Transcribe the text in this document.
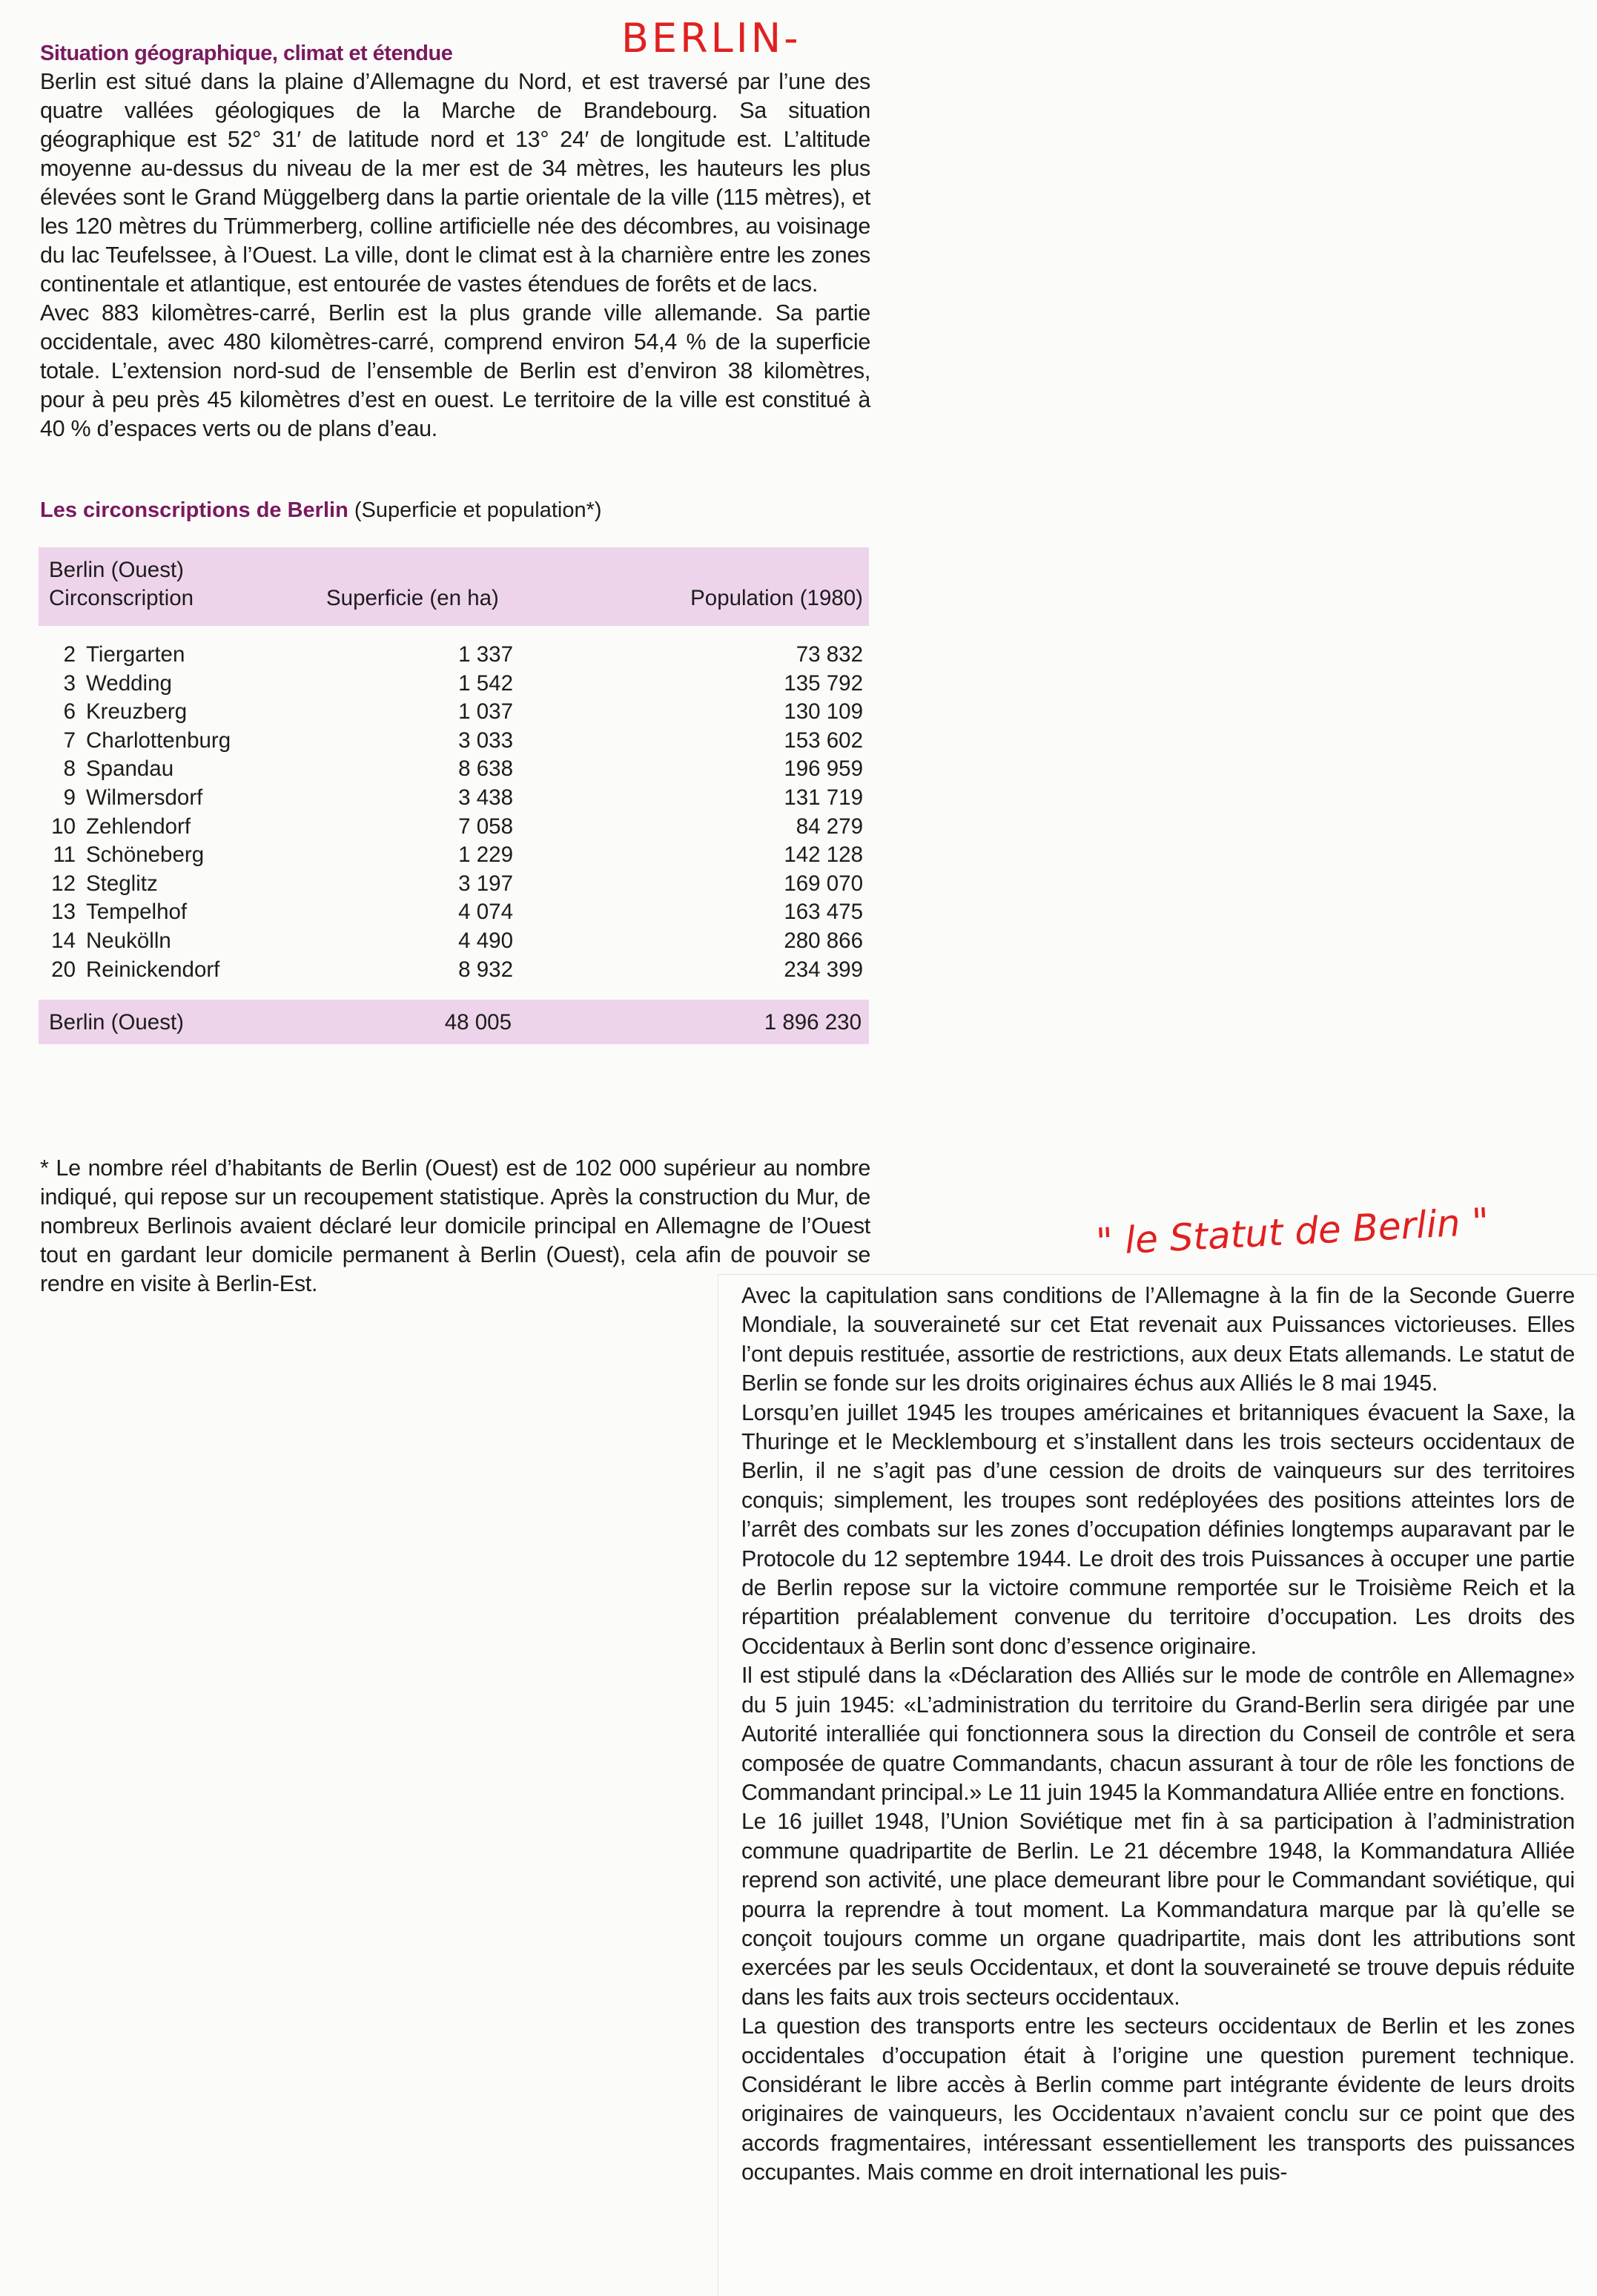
BERLIN-
Situation géographique, climat et étendue

Berlin est situé dans la plaine d’Allemagne du Nord, et est traversé par l’une des quatre vallées géologiques de la Marche de Brandebourg. Sa situation géographique est 52° 31′ de latitude nord et 13° 24′ de longitude est. L’altitude moyenne au-dessus du niveau de la mer est de 34 mètres, les hauteurs les plus élevées sont le Grand Müggelberg dans la partie orientale de la ville (115 mètres), et les 120 mètres du Trümmerberg, colline artificielle née des décombres, au voisinage du lac Teufelssee, à l’Ouest. La ville, dont le climat est à la charnière entre les zones continentale et atlantique, est entourée de vastes étendues de forêts et de lacs.

Avec 883 kilomètres-carré, Berlin est la plus grande ville allemande. Sa partie occidentale, avec 480 kilomètres-carré, comprend environ 54,4 % de la superficie totale. L’extension nord-sud de l’ensemble de Berlin est d’environ 38 kilomètres, pour à peu près 45 kilomètres d’est en ouest. Le territoire de la ville est constitué à 40 % d’espaces verts ou de plans d’eau.

Les circonscriptions de Berlin (Superficie et population*)
Berlin (Ouest)
Circonscription	Superficie (en ha)	Population (1980)
2 Tiergarten	1 337	73 832
3 Wedding	1 542	135 792
6 Kreuzberg	1 037	130 109
7 Charlottenburg	3 033	153 602
8 Spandau	8 638	196 959
9 Wilmersdorf	3 438	131 719
10 Zehlendorf	7 058	84 279
11 Schöneberg	1 229	142 128
12 Steglitz	3 197	169 070
13 Tempelhof	4 074	163 475
14 Neukölln	4 490	280 866
20 Reinickendorf	8 932	234 399
Berlin (Ouest)	48 005	1 896 230

* Le nombre réel d’habitants de Berlin (Ouest) est de 102 000 supérieur au nombre indiqué, qui repose sur un recoupement statistique. Après la construction du Mur, de nombreux Berlinois avaient déclaré leur domicile principal en Allemagne de l’Ouest tout en gardant leur domicile permanent à Berlin (Ouest), cela afin de pouvoir se rendre en visite à Berlin-Est.

" le Statut de Berlin "

Avec la capitulation sans conditions de l’Allemagne à la fin de la Seconde Guerre Mondiale, la souveraineté sur cet Etat revenait aux Puissances victorieuses. Elles l’ont depuis restituée, assortie de restrictions, aux deux Etats allemands. Le statut de Berlin se fonde sur les droits originaires échus aux Alliés le 8 mai 1945.

Lorsqu’en juillet 1945 les troupes américaines et britanniques évacuent la Saxe, la Thuringe et le Mecklembourg et s’installent dans les trois secteurs occidentaux de Berlin, il ne s’agit pas d’une cession de droits de vainqueurs sur des territoires conquis; simplement, les troupes sont redéployées des positions atteintes lors de l’arrêt des combats sur les zones d’occupation définies longtemps auparavant par le Protocole du 12 septembre 1944. Le droit des trois Puissances à occuper une partie de Berlin repose sur la victoire commune remportée sur le Troisième Reich et la répartition préalablement convenue du territoire d’occupation. Les droits des Occidentaux à Berlin sont donc d’essence originaire.

Il est stipulé dans la «Déclaration des Alliés sur le mode de contrôle en Allemagne» du 5 juin 1945: «L’administration du territoire du Grand-Berlin sera dirigée par une Autorité interalliée qui fonctionnera sous la direction du Conseil de contrôle et sera composée de quatre Commandants, chacun assurant à tour de rôle les fonctions de Commandant principal.» Le 11 juin 1945 la Kommandatura Alliée entre en fonctions.

Le 16 juillet 1948, l’Union Soviétique met fin à sa participation à l’administration commune quadripartite de Berlin. Le 21 décembre 1948, la Kommandatura Alliée reprend son activité, une place demeurant libre pour le Commandant soviétique, qui pourra la reprendre à tout moment. La Kommandatura marque par là qu’elle se conçoit toujours comme un organe quadripartite, mais dont les attributions sont exercées par les seuls Occidentaux, et dont la souveraineté se trouve depuis réduite dans les faits aux trois secteurs occidentaux.

La question des transports entre les secteurs occidentaux de Berlin et les zones occidentales d’occupation était à l’origine une question purement technique. Considérant le libre accès à Berlin comme part intégrante évidente de leurs droits originaires de vainqueurs, les Occidentaux n’avaient conclu sur ce point que des accords fragmentaires, intéressant essentiellement les transports des puissances occupantes. Mais comme en droit international les puis-
